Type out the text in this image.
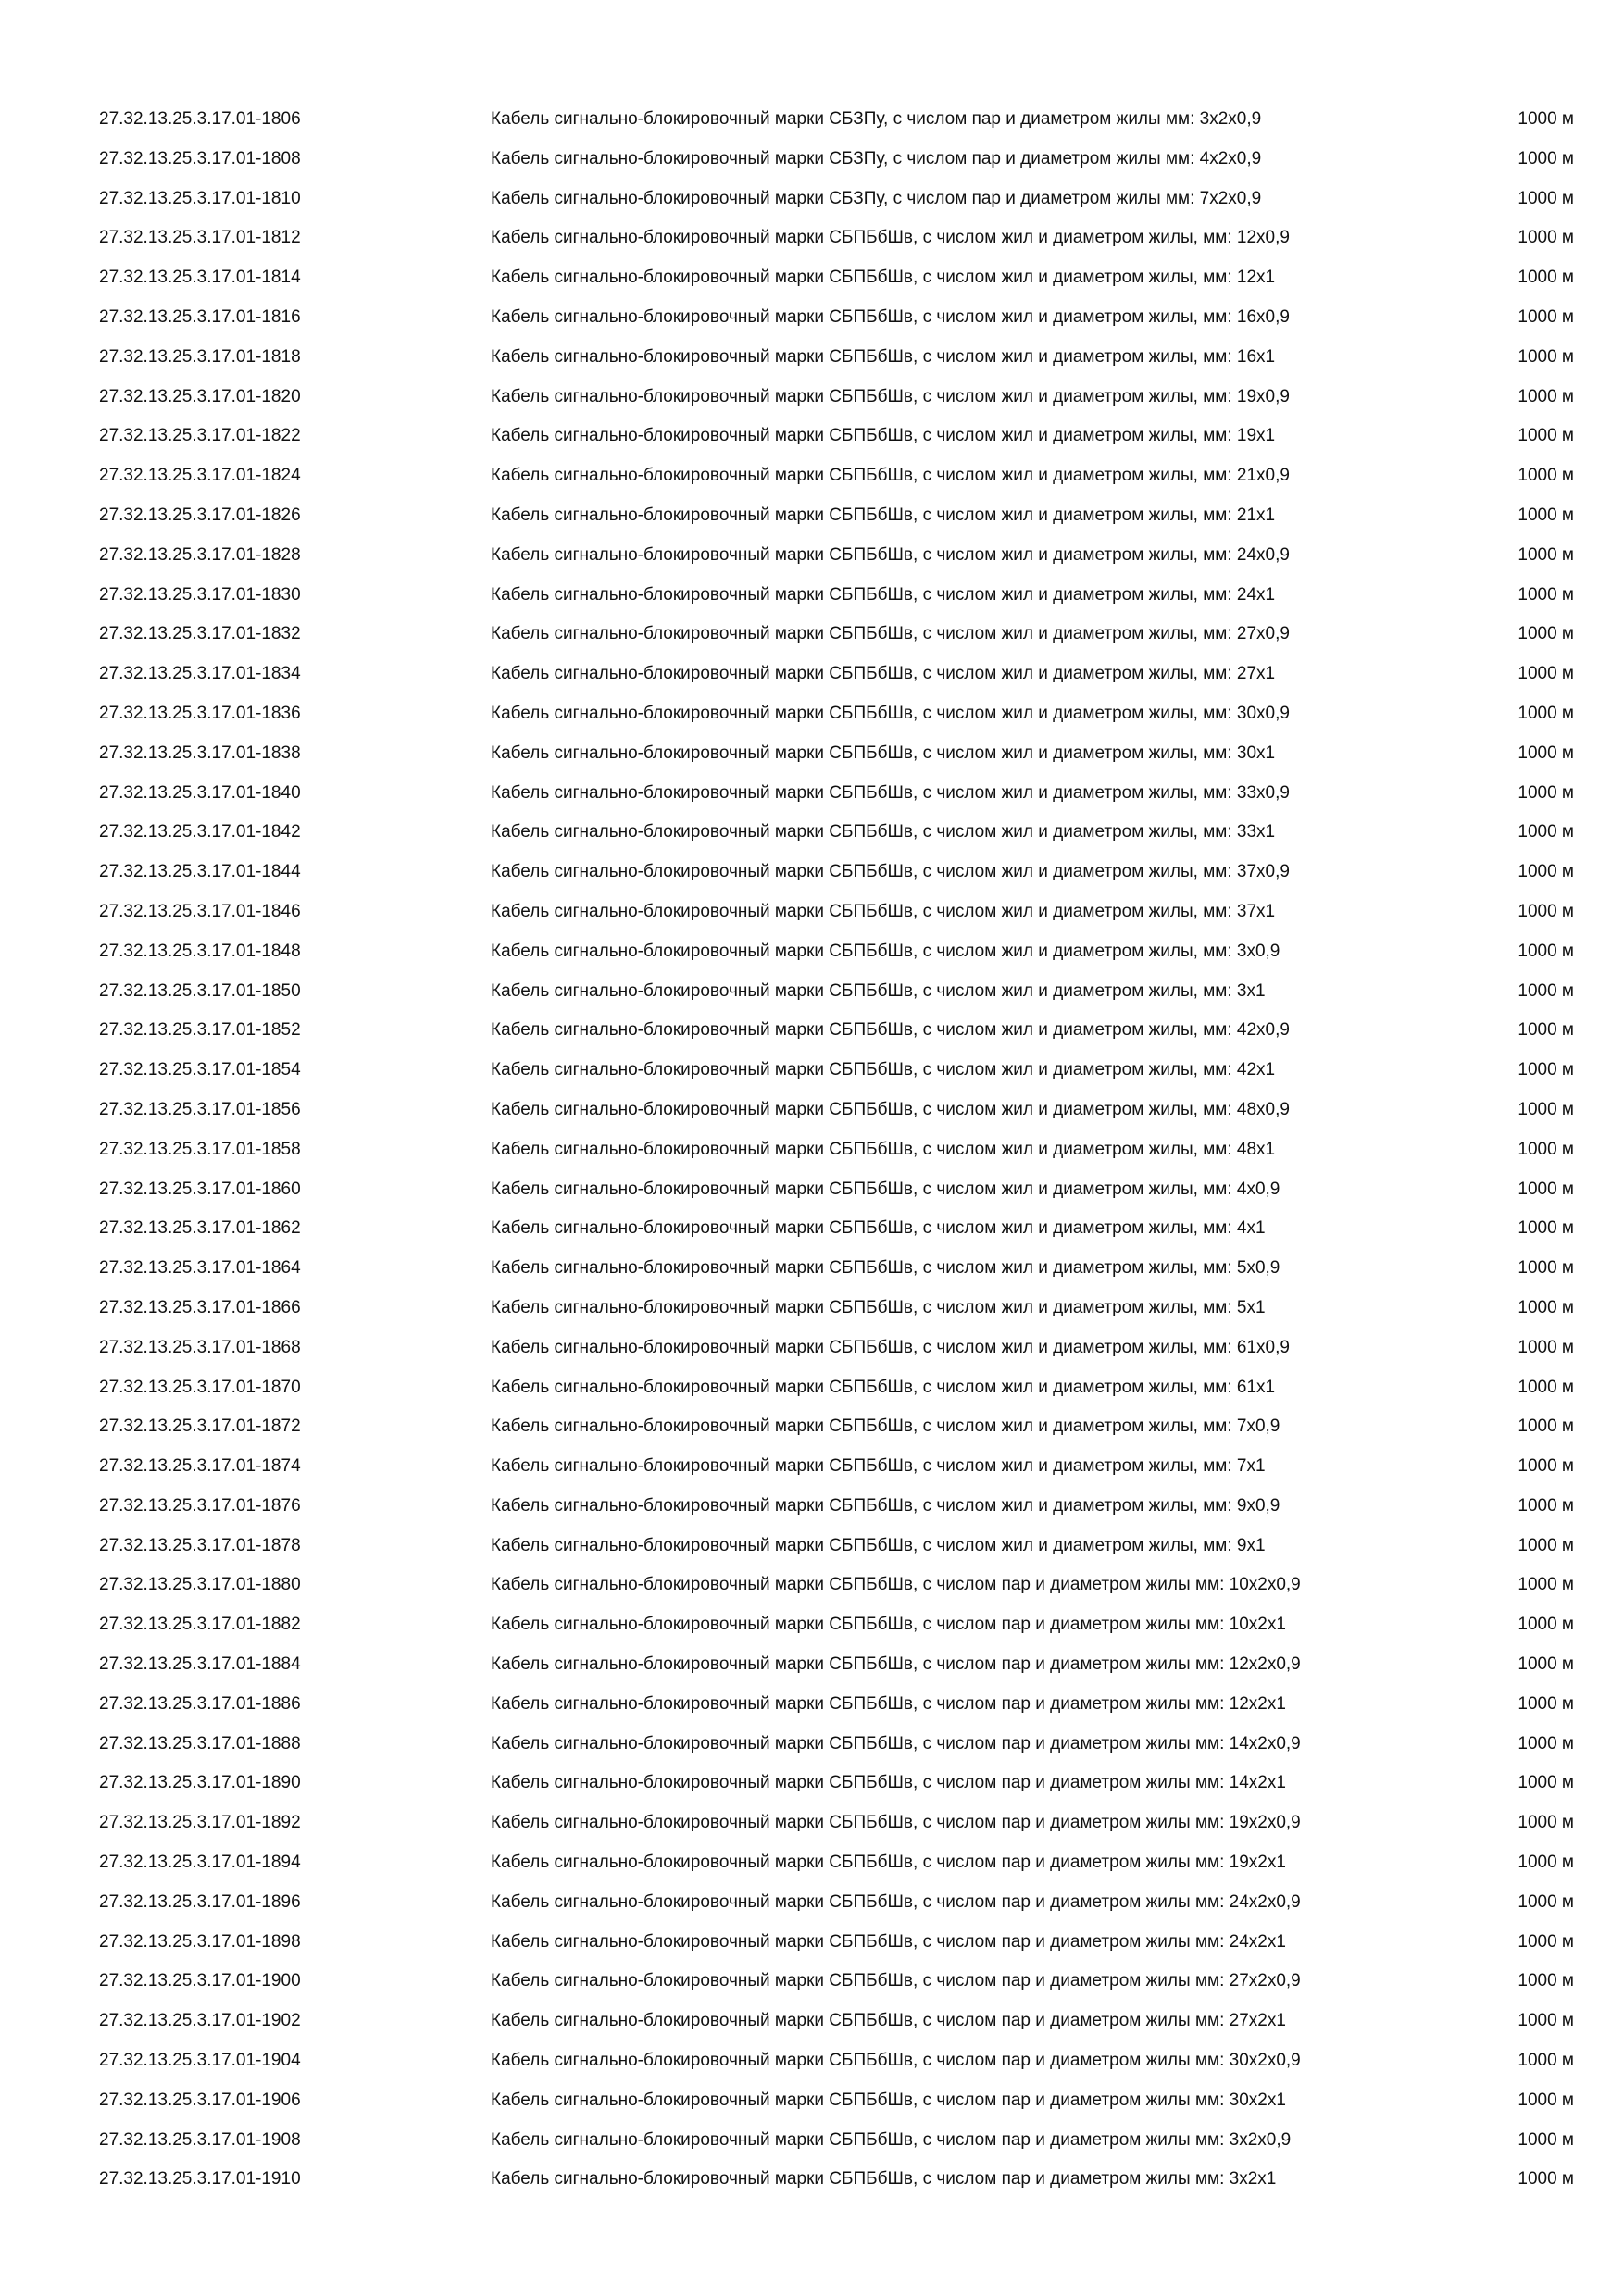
27.32.13.25.3.17.01-1806	Кабель сигнально-блокировочный марки СБЗПу, с числом пар и диаметром жилы мм: 3х2х0,9	1000 м
27.32.13.25.3.17.01-1808	Кабель сигнально-блокировочный марки СБЗПу, с числом пар и диаметром жилы мм: 4х2х0,9	1000 м
27.32.13.25.3.17.01-1810	Кабель сигнально-блокировочный марки СБЗПу, с числом пар и диаметром жилы мм: 7х2х0,9	1000 м
27.32.13.25.3.17.01-1812	Кабель сигнально-блокировочный марки СБПБбШв, с числом жил и диаметром жилы, мм: 12х0,9	1000 м
27.32.13.25.3.17.01-1814	Кабель сигнально-блокировочный марки СБПБбШв, с числом жил и диаметром жилы, мм: 12х1	1000 м
27.32.13.25.3.17.01-1816	Кабель сигнально-блокировочный марки СБПБбШв, с числом жил и диаметром жилы, мм: 16х0,9	1000 м
27.32.13.25.3.17.01-1818	Кабель сигнально-блокировочный марки СБПБбШв, с числом жил и диаметром жилы, мм: 16х1	1000 м
27.32.13.25.3.17.01-1820	Кабель сигнально-блокировочный марки СБПБбШв, с числом жил и диаметром жилы, мм: 19х0,9	1000 м
27.32.13.25.3.17.01-1822	Кабель сигнально-блокировочный марки СБПБбШв, с числом жил и диаметром жилы, мм: 19х1	1000 м
27.32.13.25.3.17.01-1824	Кабель сигнально-блокировочный марки СБПБбШв, с числом жил и диаметром жилы, мм: 21х0,9	1000 м
27.32.13.25.3.17.01-1826	Кабель сигнально-блокировочный марки СБПБбШв, с числом жил и диаметром жилы, мм: 21х1	1000 м
27.32.13.25.3.17.01-1828	Кабель сигнально-блокировочный марки СБПБбШв, с числом жил и диаметром жилы, мм: 24х0,9	1000 м
27.32.13.25.3.17.01-1830	Кабель сигнально-блокировочный марки СБПБбШв, с числом жил и диаметром жилы, мм: 24х1	1000 м
27.32.13.25.3.17.01-1832	Кабель сигнально-блокировочный марки СБПБбШв, с числом жил и диаметром жилы, мм: 27х0,9	1000 м
27.32.13.25.3.17.01-1834	Кабель сигнально-блокировочный марки СБПБбШв, с числом жил и диаметром жилы, мм: 27х1	1000 м
27.32.13.25.3.17.01-1836	Кабель сигнально-блокировочный марки СБПБбШв, с числом жил и диаметром жилы, мм: 30х0,9	1000 м
27.32.13.25.3.17.01-1838	Кабель сигнально-блокировочный марки СБПБбШв, с числом жил и диаметром жилы, мм: 30х1	1000 м
27.32.13.25.3.17.01-1840	Кабель сигнально-блокировочный марки СБПБбШв, с числом жил и диаметром жилы, мм: 33х0,9	1000 м
27.32.13.25.3.17.01-1842	Кабель сигнально-блокировочный марки СБПБбШв, с числом жил и диаметром жилы, мм: 33х1	1000 м
27.32.13.25.3.17.01-1844	Кабель сигнально-блокировочный марки СБПБбШв, с числом жил и диаметром жилы, мм: 37х0,9	1000 м
27.32.13.25.3.17.01-1846	Кабель сигнально-блокировочный марки СБПБбШв, с числом жил и диаметром жилы, мм: 37х1	1000 м
27.32.13.25.3.17.01-1848	Кабель сигнально-блокировочный марки СБПБбШв, с числом жил и диаметром жилы, мм: 3х0,9	1000 м
27.32.13.25.3.17.01-1850	Кабель сигнально-блокировочный марки СБПБбШв, с числом жил и диаметром жилы, мм: 3х1	1000 м
27.32.13.25.3.17.01-1852	Кабель сигнально-блокировочный марки СБПБбШв, с числом жил и диаметром жилы, мм: 42х0,9	1000 м
27.32.13.25.3.17.01-1854	Кабель сигнально-блокировочный марки СБПБбШв, с числом жил и диаметром жилы, мм: 42х1	1000 м
27.32.13.25.3.17.01-1856	Кабель сигнально-блокировочный марки СБПБбШв, с числом жил и диаметром жилы, мм: 48х0,9	1000 м
27.32.13.25.3.17.01-1858	Кабель сигнально-блокировочный марки СБПБбШв, с числом жил и диаметром жилы, мм: 48х1	1000 м
27.32.13.25.3.17.01-1860	Кабель сигнально-блокировочный марки СБПБбШв, с числом жил и диаметром жилы, мм: 4х0,9	1000 м
27.32.13.25.3.17.01-1862	Кабель сигнально-блокировочный марки СБПБбШв, с числом жил и диаметром жилы, мм: 4х1	1000 м
27.32.13.25.3.17.01-1864	Кабель сигнально-блокировочный марки СБПБбШв, с числом жил и диаметром жилы, мм: 5х0,9	1000 м
27.32.13.25.3.17.01-1866	Кабель сигнально-блокировочный марки СБПБбШв, с числом жил и диаметром жилы, мм: 5х1	1000 м
27.32.13.25.3.17.01-1868	Кабель сигнально-блокировочный марки СБПБбШв, с числом жил и диаметром жилы, мм: 61х0,9	1000 м
27.32.13.25.3.17.01-1870	Кабель сигнально-блокировочный марки СБПБбШв, с числом жил и диаметром жилы, мм: 61х1	1000 м
27.32.13.25.3.17.01-1872	Кабель сигнально-блокировочный марки СБПБбШв, с числом жил и диаметром жилы, мм: 7х0,9	1000 м
27.32.13.25.3.17.01-1874	Кабель сигнально-блокировочный марки СБПБбШв, с числом жил и диаметром жилы, мм: 7х1	1000 м
27.32.13.25.3.17.01-1876	Кабель сигнально-блокировочный марки СБПБбШв, с числом жил и диаметром жилы, мм: 9х0,9	1000 м
27.32.13.25.3.17.01-1878	Кабель сигнально-блокировочный марки СБПБбШв, с числом жил и диаметром жилы, мм: 9х1	1000 м
27.32.13.25.3.17.01-1880	Кабель сигнально-блокировочный марки СБПБбШв, с числом пар и диаметром жилы мм: 10х2х0,9	1000 м
27.32.13.25.3.17.01-1882	Кабель сигнально-блокировочный марки СБПБбШв, с числом пар и диаметром жилы мм: 10х2х1	1000 м
27.32.13.25.3.17.01-1884	Кабель сигнально-блокировочный марки СБПБбШв, с числом пар и диаметром жилы мм: 12х2х0,9	1000 м
27.32.13.25.3.17.01-1886	Кабель сигнально-блокировочный марки СБПБбШв, с числом пар и диаметром жилы мм: 12х2х1	1000 м
27.32.13.25.3.17.01-1888	Кабель сигнально-блокировочный марки СБПБбШв, с числом пар и диаметром жилы мм: 14х2х0,9	1000 м
27.32.13.25.3.17.01-1890	Кабель сигнально-блокировочный марки СБПБбШв, с числом пар и диаметром жилы мм: 14х2х1	1000 м
27.32.13.25.3.17.01-1892	Кабель сигнально-блокировочный марки СБПБбШв, с числом пар и диаметром жилы мм: 19х2х0,9	1000 м
27.32.13.25.3.17.01-1894	Кабель сигнально-блокировочный марки СБПБбШв, с числом пар и диаметром жилы мм: 19х2х1	1000 м
27.32.13.25.3.17.01-1896	Кабель сигнально-блокировочный марки СБПБбШв, с числом пар и диаметром жилы мм: 24х2х0,9	1000 м
27.32.13.25.3.17.01-1898	Кабель сигнально-блокировочный марки СБПБбШв, с числом пар и диаметром жилы мм: 24х2х1	1000 м
27.32.13.25.3.17.01-1900	Кабель сигнально-блокировочный марки СБПБбШв, с числом пар и диаметром жилы мм: 27х2х0,9	1000 м
27.32.13.25.3.17.01-1902	Кабель сигнально-блокировочный марки СБПБбШв, с числом пар и диаметром жилы мм: 27х2х1	1000 м
27.32.13.25.3.17.01-1904	Кабель сигнально-блокировочный марки СБПБбШв, с числом пар и диаметром жилы мм: 30х2х0,9	1000 м
27.32.13.25.3.17.01-1906	Кабель сигнально-блокировочный марки СБПБбШв, с числом пар и диаметром жилы мм: 30х2х1	1000 м
27.32.13.25.3.17.01-1908	Кабель сигнально-блокировочный марки СБПБбШв, с числом пар и диаметром жилы мм: 3х2х0,9	1000 м
27.32.13.25.3.17.01-1910	Кабель сигнально-блокировочный марки СБПБбШв, с числом пар и диаметром жилы мм: 3х2х1	1000 м
